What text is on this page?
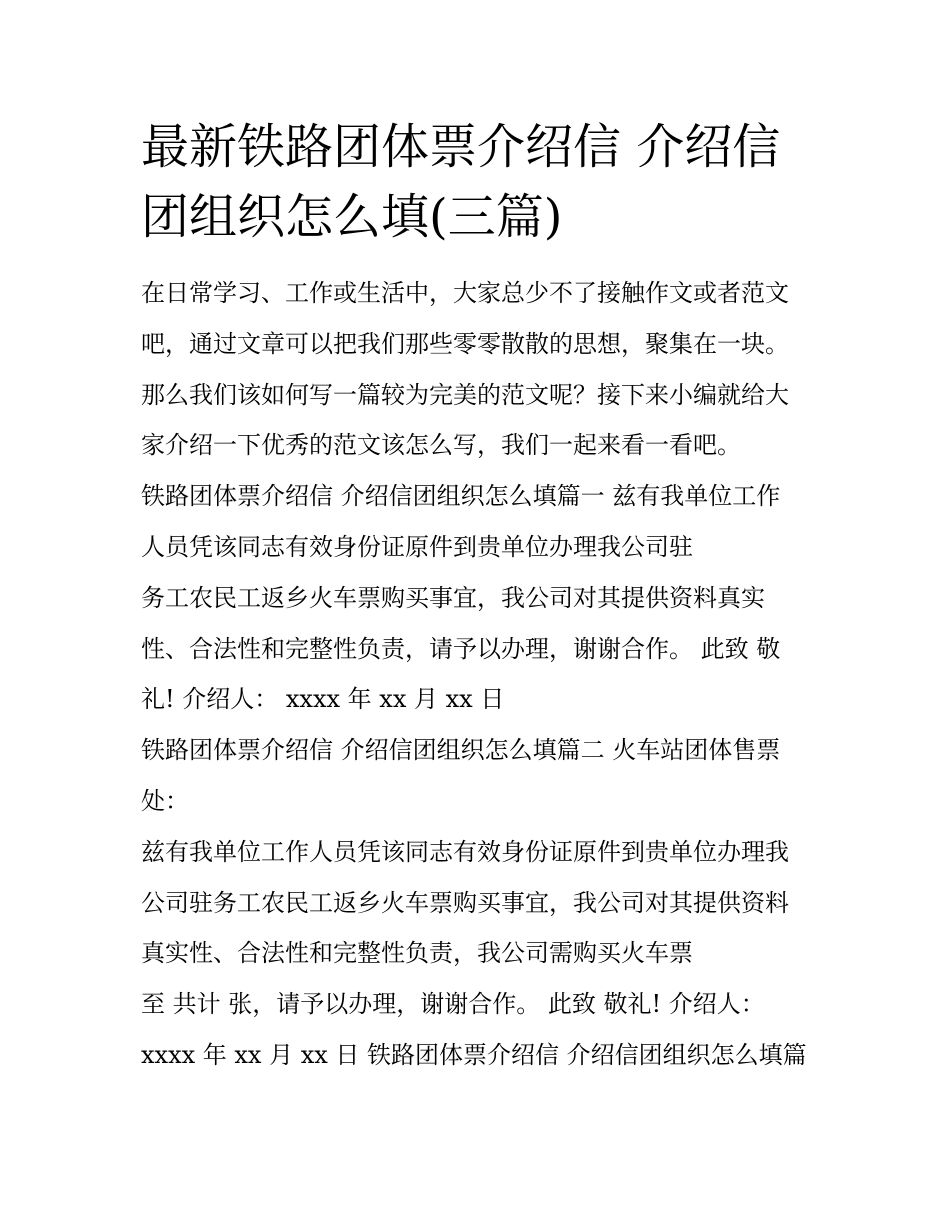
最新铁路团体票介绍信 介绍信
团组织怎么填(三篇)
在日常学习、工作或生活中，大家总少不了接触作文或者范文
吧，通过文章可以把我们那些零零散散的思想，聚集在一块。
那么我们该如何写一篇较为完美的范文呢？接下来小编就给大
家介绍一下优秀的范文该怎么写，我们一起来看一看吧。
铁路团体票介绍信 介绍信团组织怎么填篇一 兹有我单位工作
人员凭该同志有效身份证原件到贵单位办理我公司驻
务工农民工返乡火车票购买事宜，我公司对其提供资料真实
性、合法性和完整性负责，请予以办理，谢谢合作。 此致 敬
礼! 介绍人： xxxx 年 xx 月 xx 日
铁路团体票介绍信 介绍信团组织怎么填篇二 火车站团体售票
处：
兹有我单位工作人员凭该同志有效身份证原件到贵单位办理我
公司驻务工农民工返乡火车票购买事宜，我公司对其提供资料
真实性、合法性和完整性负责，我公司需购买火车票
至 共计 张，请予以办理，谢谢合作。 此致 敬礼! 介绍人：
xxxx 年 xx 月 xx 日 铁路团体票介绍信 介绍信团组织怎么填篇
